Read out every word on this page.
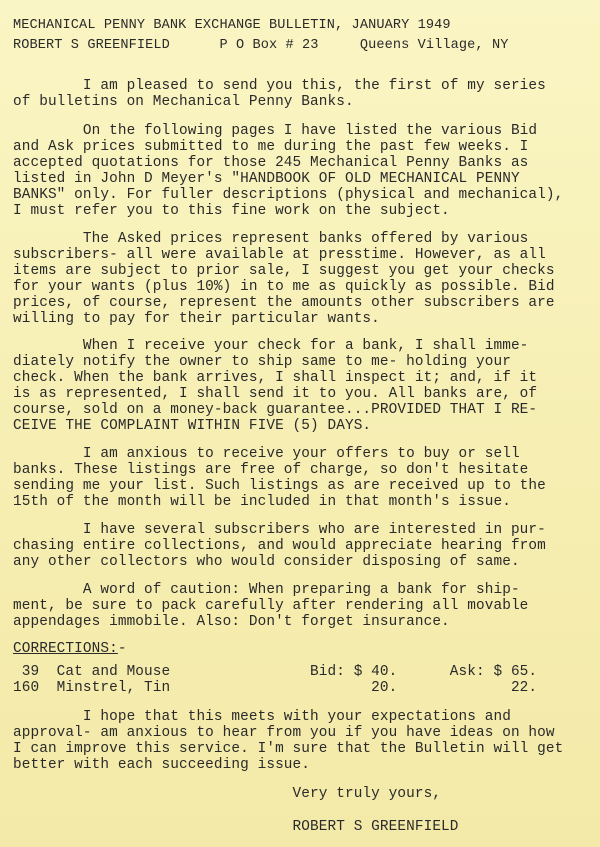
MECHANICAL PENNY BANK EXCHANGE BULLETIN, JANUARY 1949
ROBERT S GREENFIELD      P O Box # 23     Queens Village, NY
I am pleased to send you this, the first of my series
of bulletins on Mechanical Penny Banks.
On the following pages I have listed the various Bid
and Ask prices submitted to me during the past few weeks. I
accepted quotations for those 245 Mechanical Penny Banks as
listed in John D Meyer's "HANDBOOK OF OLD MECHANICAL PENNY
BANKS" only. For fuller descriptions (physical and mechanical),
I must refer you to this fine work on the subject.
The Asked prices represent banks offered by various
subscribers- all were available at presstime. However, as all
items are subject to prior sale, I suggest you get your checks
for your wants (plus 10%) in to me as quickly as possible. Bid
prices, of course, represent the amounts other subscribers are
willing to pay for their particular wants.
When I receive your check for a bank, I shall imme-
diately notify the owner to ship same to me- holding your
check. When the bank arrives, I shall inspect it; and, if it
is as represented, I shall send it to you. All banks are, of
course, sold on a money-back guarantee...PROVIDED THAT I RE-
CEIVE THE COMPLAINT WITHIN FIVE (5) DAYS.
I am anxious to receive your offers to buy or sell
banks. These listings are free of charge, so don't hesitate
sending me your list. Such listings as are received up to the
15th of the month will be included in that month's issue.
I have several subscribers who are interested in pur-
chasing entire collections, and would appreciate hearing from
any other collectors who would consider disposing of same.
A word of caution: When preparing a bank for ship-
ment, be sure to pack carefully after rendering all movable
appendages immobile. Also: Don't forget insurance.
CORRECTIONS:-
39  Cat and Mouse                Bid: $ 40.      Ask: $ 65.
160  Minstrel, Tin                       20.             22.
I hope that this meets with your expectations and
approval- am anxious to hear from you if you have ideas on how
I can improve this service. I'm sure that the Bulletin will get
better with each succeeding issue.
Very truly yours,
ROBERT S GREENFIELD
